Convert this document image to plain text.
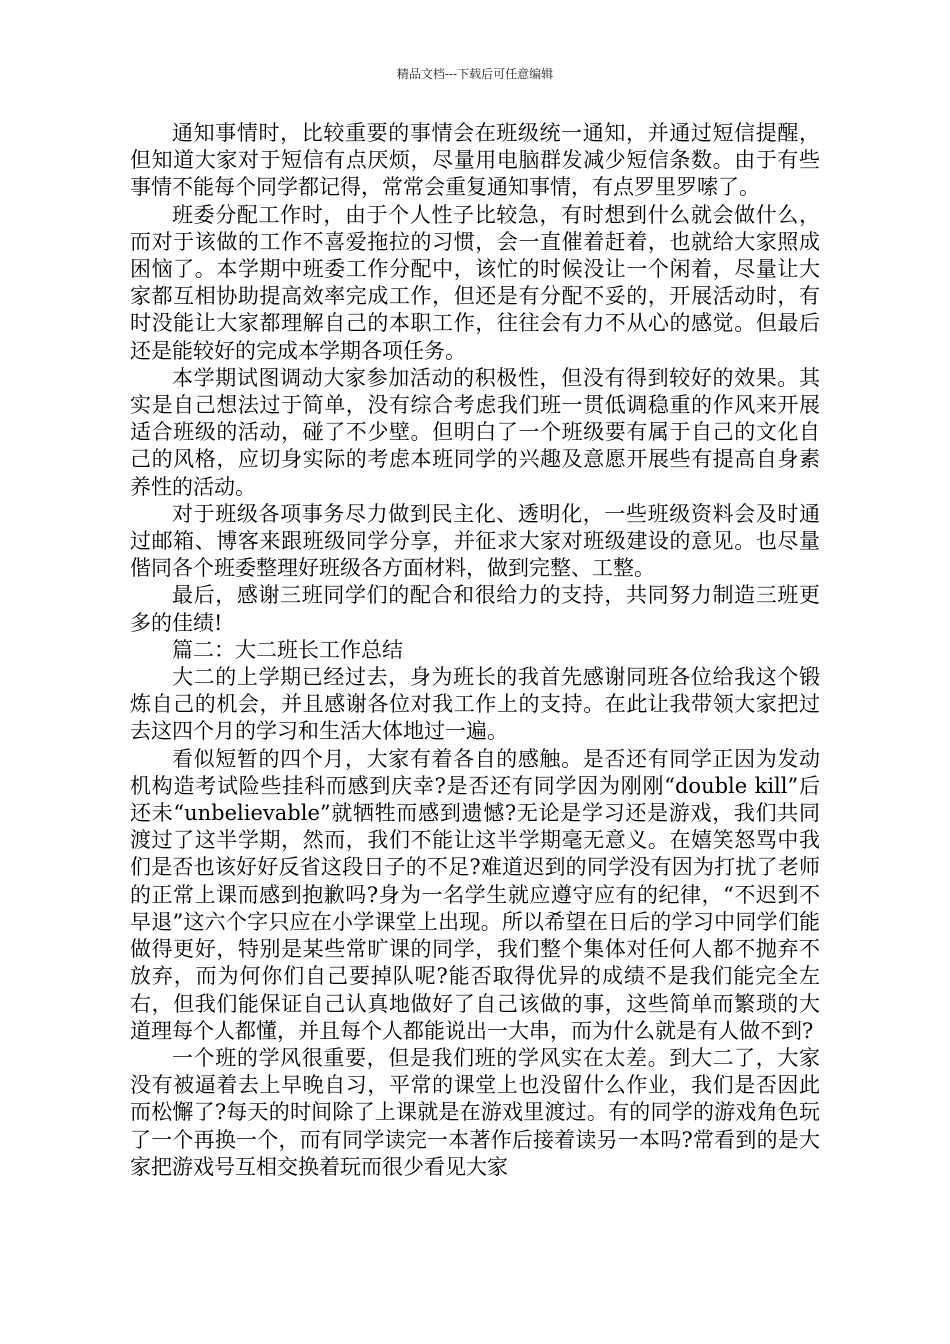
精品文档---下载后可任意编辑

通知事情时，比较重要的事情会在班级统一通知，并通过短信提醒，但知道大家对于短信有点厌烦，尽量用电脑群发减少短信条数。由于有些事情不能每个同学都记得，常常会重复通知事情，有点罗里罗嗦了。

班委分配工作时，由于个人性子比较急，有时想到什么就会做什么，而对于该做的工作不喜爱拖拉的习惯，会一直催着赶着，也就给大家照成困恼了。本学期中班委工作分配中，该忙的时候没让一个闲着，尽量让大家都互相协助提高效率完成工作，但还是有分配不妥的，开展活动时，有时没能让大家都理解自己的本职工作，往往会有力不从心的感觉。但最后还是能较好的完成本学期各项任务。

本学期试图调动大家参加活动的积极性，但没有得到较好的效果。其实是自己想法过于简单，没有综合考虑我们班一贯低调稳重的作风来开展适合班级的活动，碰了不少壁。但明白了一个班级要有属于自己的文化自己的风格，应切身实际的考虑本班同学的兴趣及意愿开展些有提高自身素养性的活动。

对于班级各项事务尽力做到民主化、透明化，一些班级资料会及时通过邮箱、博客来跟班级同学分享，并征求大家对班级建设的意见。也尽量偕同各个班委整理好班级各方面材料，做到完整、工整。

最后，感谢三班同学们的配合和很给力的支持，共同努力制造三班更多的佳绩!

篇二：大二班长工作总结

大二的上学期已经过去，身为班长的我首先感谢同班各位给我这个锻炼自己的机会，并且感谢各位对我工作上的支持。在此让我带领大家把过去这四个月的学习和生活大体地过一遍。

看似短暂的四个月，大家有着各自的感触。是否还有同学正因为发动机构造考试险些挂科而感到庆幸?是否还有同学因为刚刚“double kill”后还未“unbelievable”就牺牲而感到遗憾?无论是学习还是游戏，我们共同渡过了这半学期，然而，我们不能让这半学期毫无意义。在嬉笑怒骂中我们是否也该好好反省这段日子的不足?难道迟到的同学没有因为打扰了老师的正常上课而感到抱歉吗?身为一名学生就应遵守应有的纪律，“不迟到不早退”这六个字只应在小学课堂上出现。所以希望在日后的学习中同学们能做得更好，特别是某些常旷课的同学，我们整个集体对任何人都不抛弃不放弃，而为何你们自己要掉队呢?能否取得优异的成绩不是我们能完全左右，但我们能保证自己认真地做好了自己该做的事，这些简单而繁琐的大道理每个人都懂，并且每个人都能说出一大串，而为什么就是有人做不到?

一个班的学风很重要，但是我们班的学风实在太差。到大二了，大家没有被逼着去上早晚自习，平常的课堂上也没留什么作业，我们是否因此而松懈了?每天的时间除了上课就是在游戏里渡过。有的同学的游戏角色玩了一个再换一个，而有同学读完一本著作后接着读另一本吗?常看到的是大家把游戏号互相交换着玩而很少看见大家
